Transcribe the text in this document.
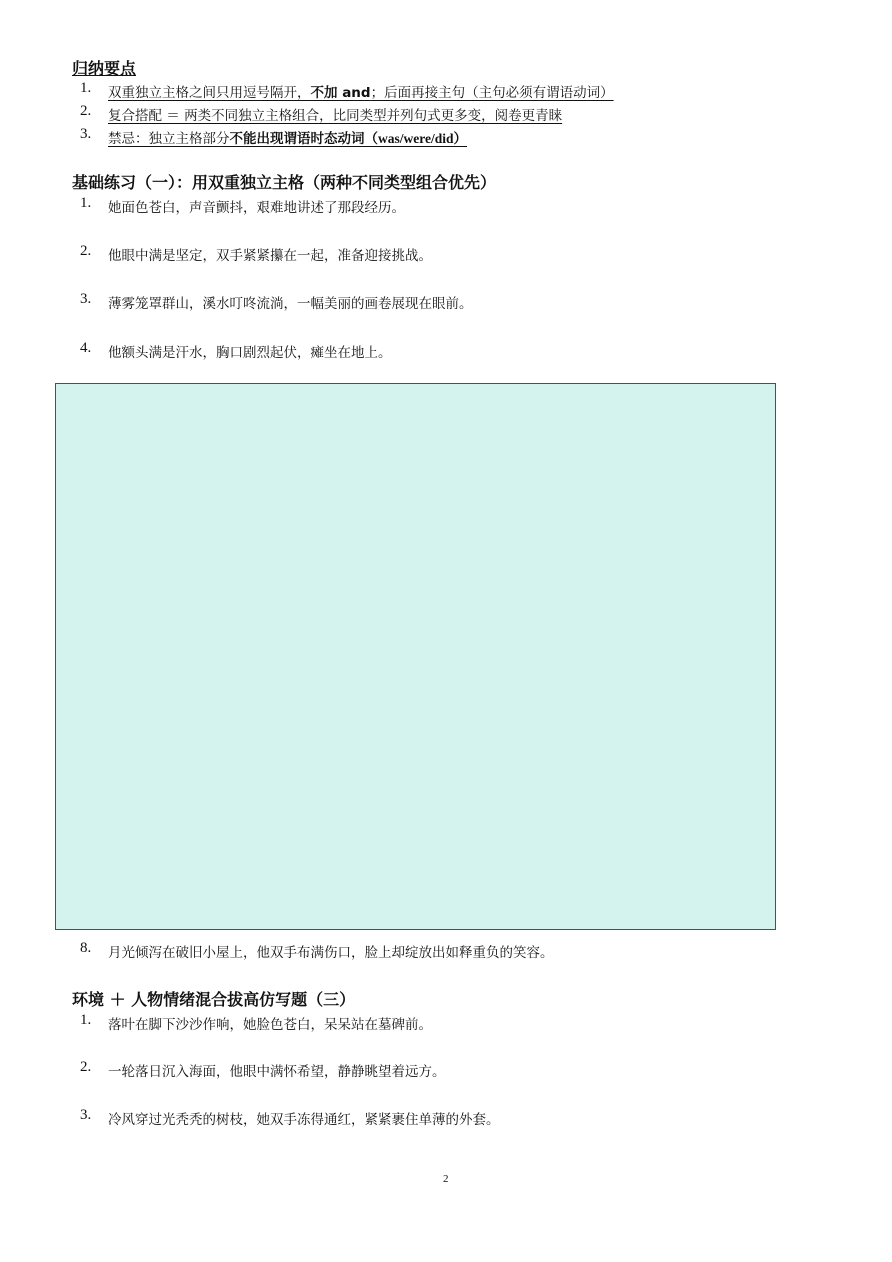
归纳要点
1. 双重独立主格之间只用逗号隔开，不加 and；后面再接主句（主句必须有谓语动词）
2. 复合搭配 ＝ 两类不同独立主格组合，比同类型并列句式更多变，阅卷更青睐
3. 禁忌：独立主格部分不能出现谓语时态动词（was/were/did）
基础练习（一）：用双重独立主格（两种不同类型组合优先）
1. 她面色苍白，声音颤抖，艰难地讲述了那段经历。
2. 他眼中满是坚定，双手紧紧攥在一起，准备迎接挑战。
3. 薄雾笼罩群山，溪水叮咚流淌，一幅美丽的画卷展现在眼前。
4. 他额头满是汗水，胸口剧烈起伏，瘫坐在地上。
8. 月光倾泻在破旧小屋上，他双手布满伤口，脸上却绽放出如释重负的笑容。
环境 ＋ 人物情绪混合拔高仿写题（三）
1. 落叶在脚下沙沙作响，她脸色苍白，呆呆站在墓碑前。
2. 一轮落日沉入海面，他眼中满怀希望，静静眺望着远方。
3. 冷风穿过光秃秃的树枝，她双手冻得通红，紧紧裹住单薄的外套。
2
